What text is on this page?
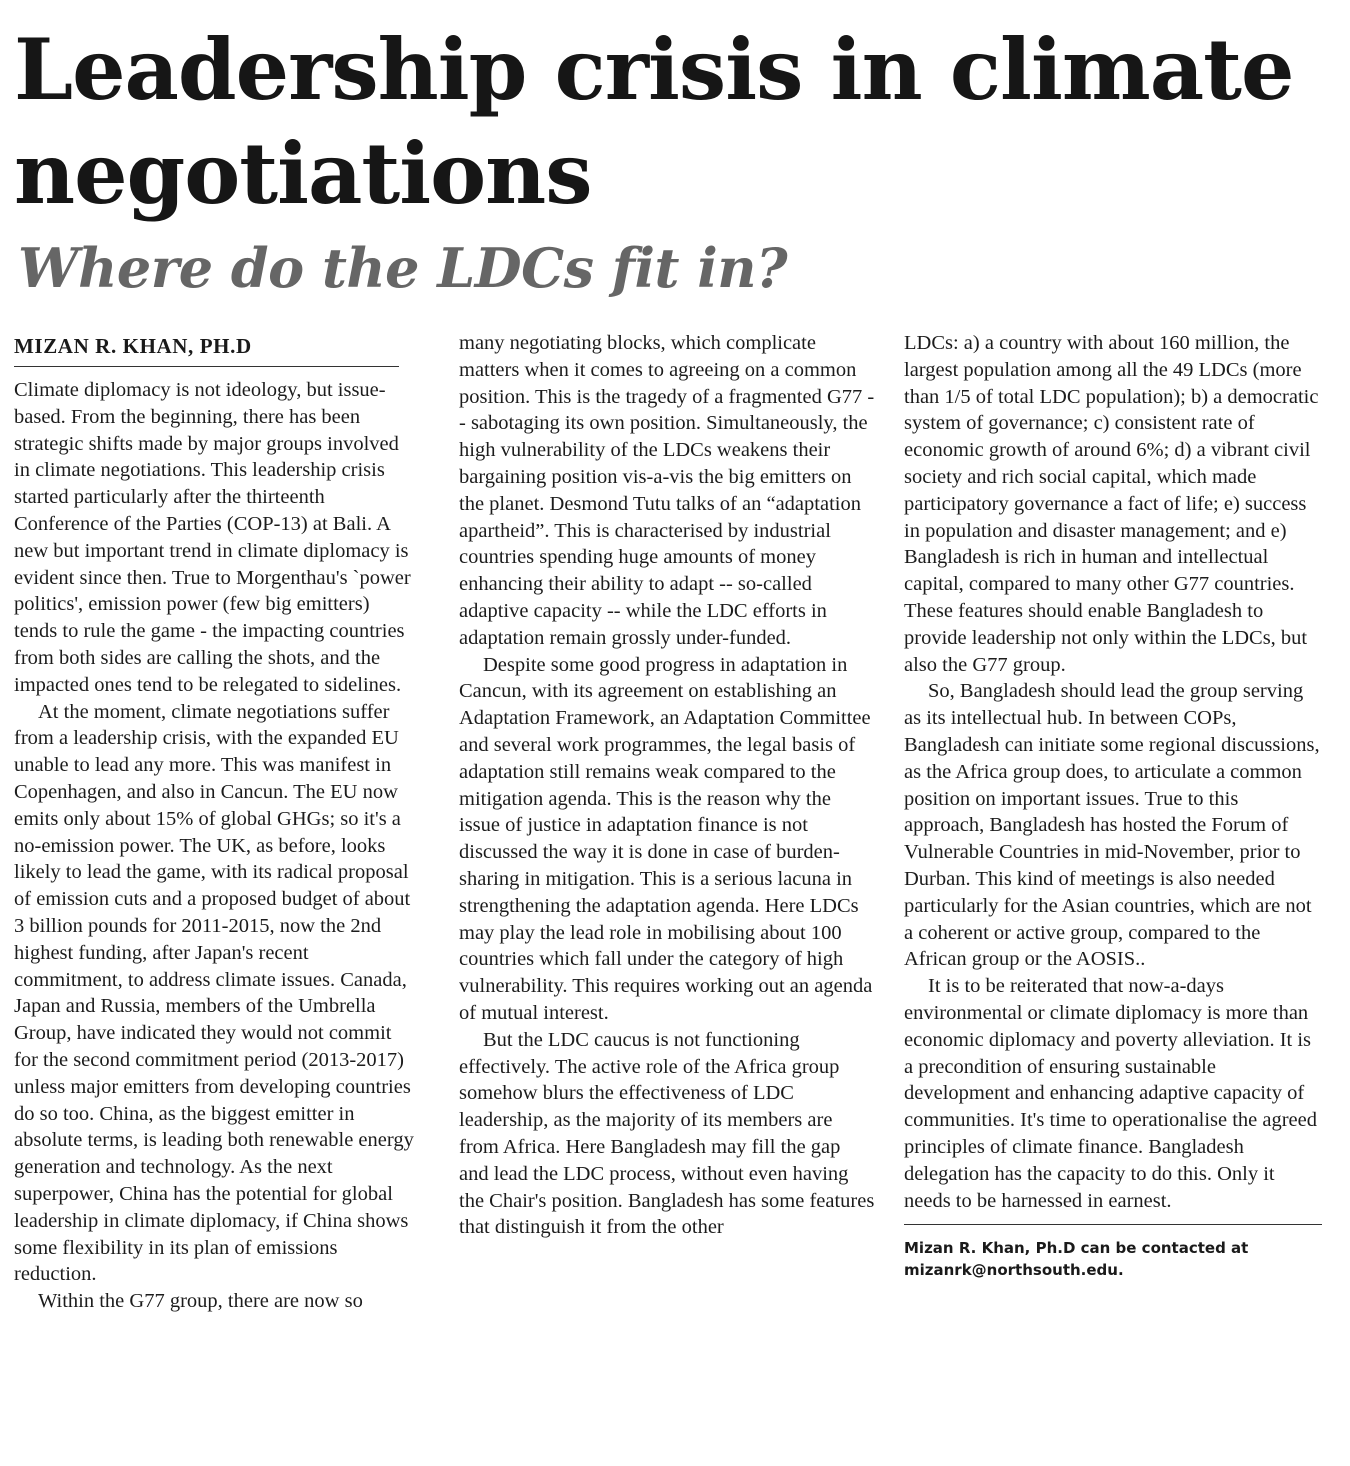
Leadership crisis in climate negotiations
Where do the LDCs fit in?
MIZAN R. KHAN, PH.D

Climate diplomacy is not ideology, but issue-based. From the beginning, there has been strategic shifts made by major groups involved in climate negotiations. This leadership crisis started particularly after the thirteenth Conference of the Parties (COP-13) at Bali. A new but important trend in climate diplomacy is evident since then. True to Morgenthau's `power politics', emission power (few big emitters) tends to rule the game - the impacting countries from both sides are calling the shots, and the impacted ones tend to be relegated to sidelines.

At the moment, climate negotiations suffer from a leadership crisis, with the expanded EU unable to lead any more. This was manifest in Copenhagen, and also in Cancun. The EU now emits only about 15% of global GHGs; so it's a no-emission power. The UK, as before, looks likely to lead the game, with its radical proposal of emission cuts and a proposed budget of about 3 billion pounds for 2011-2015, now the 2nd highest funding, after Japan's recent commitment, to address climate issues. Canada, Japan and Russia, members of the Umbrella Group, have indicated they would not commit for the second commitment period (2013-2017) unless major emitters from developing countries do so too. China, as the biggest emitter in absolute terms, is leading both renewable energy generation and technology. As the next superpower, China has the potential for global leadership in climate diplomacy, if China shows some flexibility in its plan of emissions reduction.

Within the G77 group, there are now so

many negotiating blocks, which complicate matters when it comes to agreeing on a common position. This is the tragedy of a fragmented G77 -- sabotaging its own position. Simultaneously, the high vulnerability of the LDCs weakens their bargaining position vis-a-vis the big emitters on the planet. Desmond Tutu talks of an “adaptation apartheid”. This is characterised by industrial countries spending huge amounts of money enhancing their ability to adapt -- so-called adaptive capacity -- while the LDC efforts in adaptation remain grossly under-funded.

Despite some good progress in adaptation in Cancun, with its agreement on establishing an Adaptation Framework, an Adaptation Committee and several work programmes, the legal basis of adaptation still remains weak compared to the mitigation agenda. This is the reason why the issue of justice in adaptation finance is not discussed the way it is done in case of burden-sharing in mitigation. This is a serious lacuna in strengthening the adaptation agenda. Here LDCs may play the lead role in mobilising about 100 countries which fall under the category of high vulnerability. This requires working out an agenda of mutual interest.

But the LDC caucus is not functioning effectively. The active role of the Africa group somehow blurs the effectiveness of LDC leadership, as the majority of its members are from Africa. Here Bangladesh may fill the gap and lead the LDC process, without even having the Chair's position. Bangladesh has some features that distinguish it from the other

LDCs: a) a country with about 160 million, the largest population among all the 49 LDCs (more than 1/5 of total LDC population); b) a democratic system of governance; c) consistent rate of economic growth of around 6%; d) a vibrant civil society and rich social capital, which made participatory governance a fact of life; e) success in population and disaster management; and e) Bangladesh is rich in human and intellectual capital, compared to many other G77 countries. These features should enable Bangladesh to provide leadership not only within the LDCs, but also the G77 group.

So, Bangladesh should lead the group serving as its intellectual hub. In between COPs, Bangladesh can initiate some regional discussions, as the Africa group does, to articulate a common position on important issues. True to this approach, Bangladesh has hosted the Forum of Vulnerable Countries in mid-November, prior to Durban. This kind of meetings is also needed particularly for the Asian countries, which are not a coherent or active group, compared to the African group or the AOSIS..

It is to be reiterated that now-a-days environmental or climate diplomacy is more than economic diplomacy and poverty alleviation. It is a precondition of ensuring sustainable development and enhancing adaptive capacity of communities. It's time to operationalise the agreed principles of climate finance. Bangladesh delegation has the capacity to do this. Only it needs to be harnessed in earnest.

Mizan R. Khan, Ph.D can be contacted at mizanrk@northsouth.edu.
